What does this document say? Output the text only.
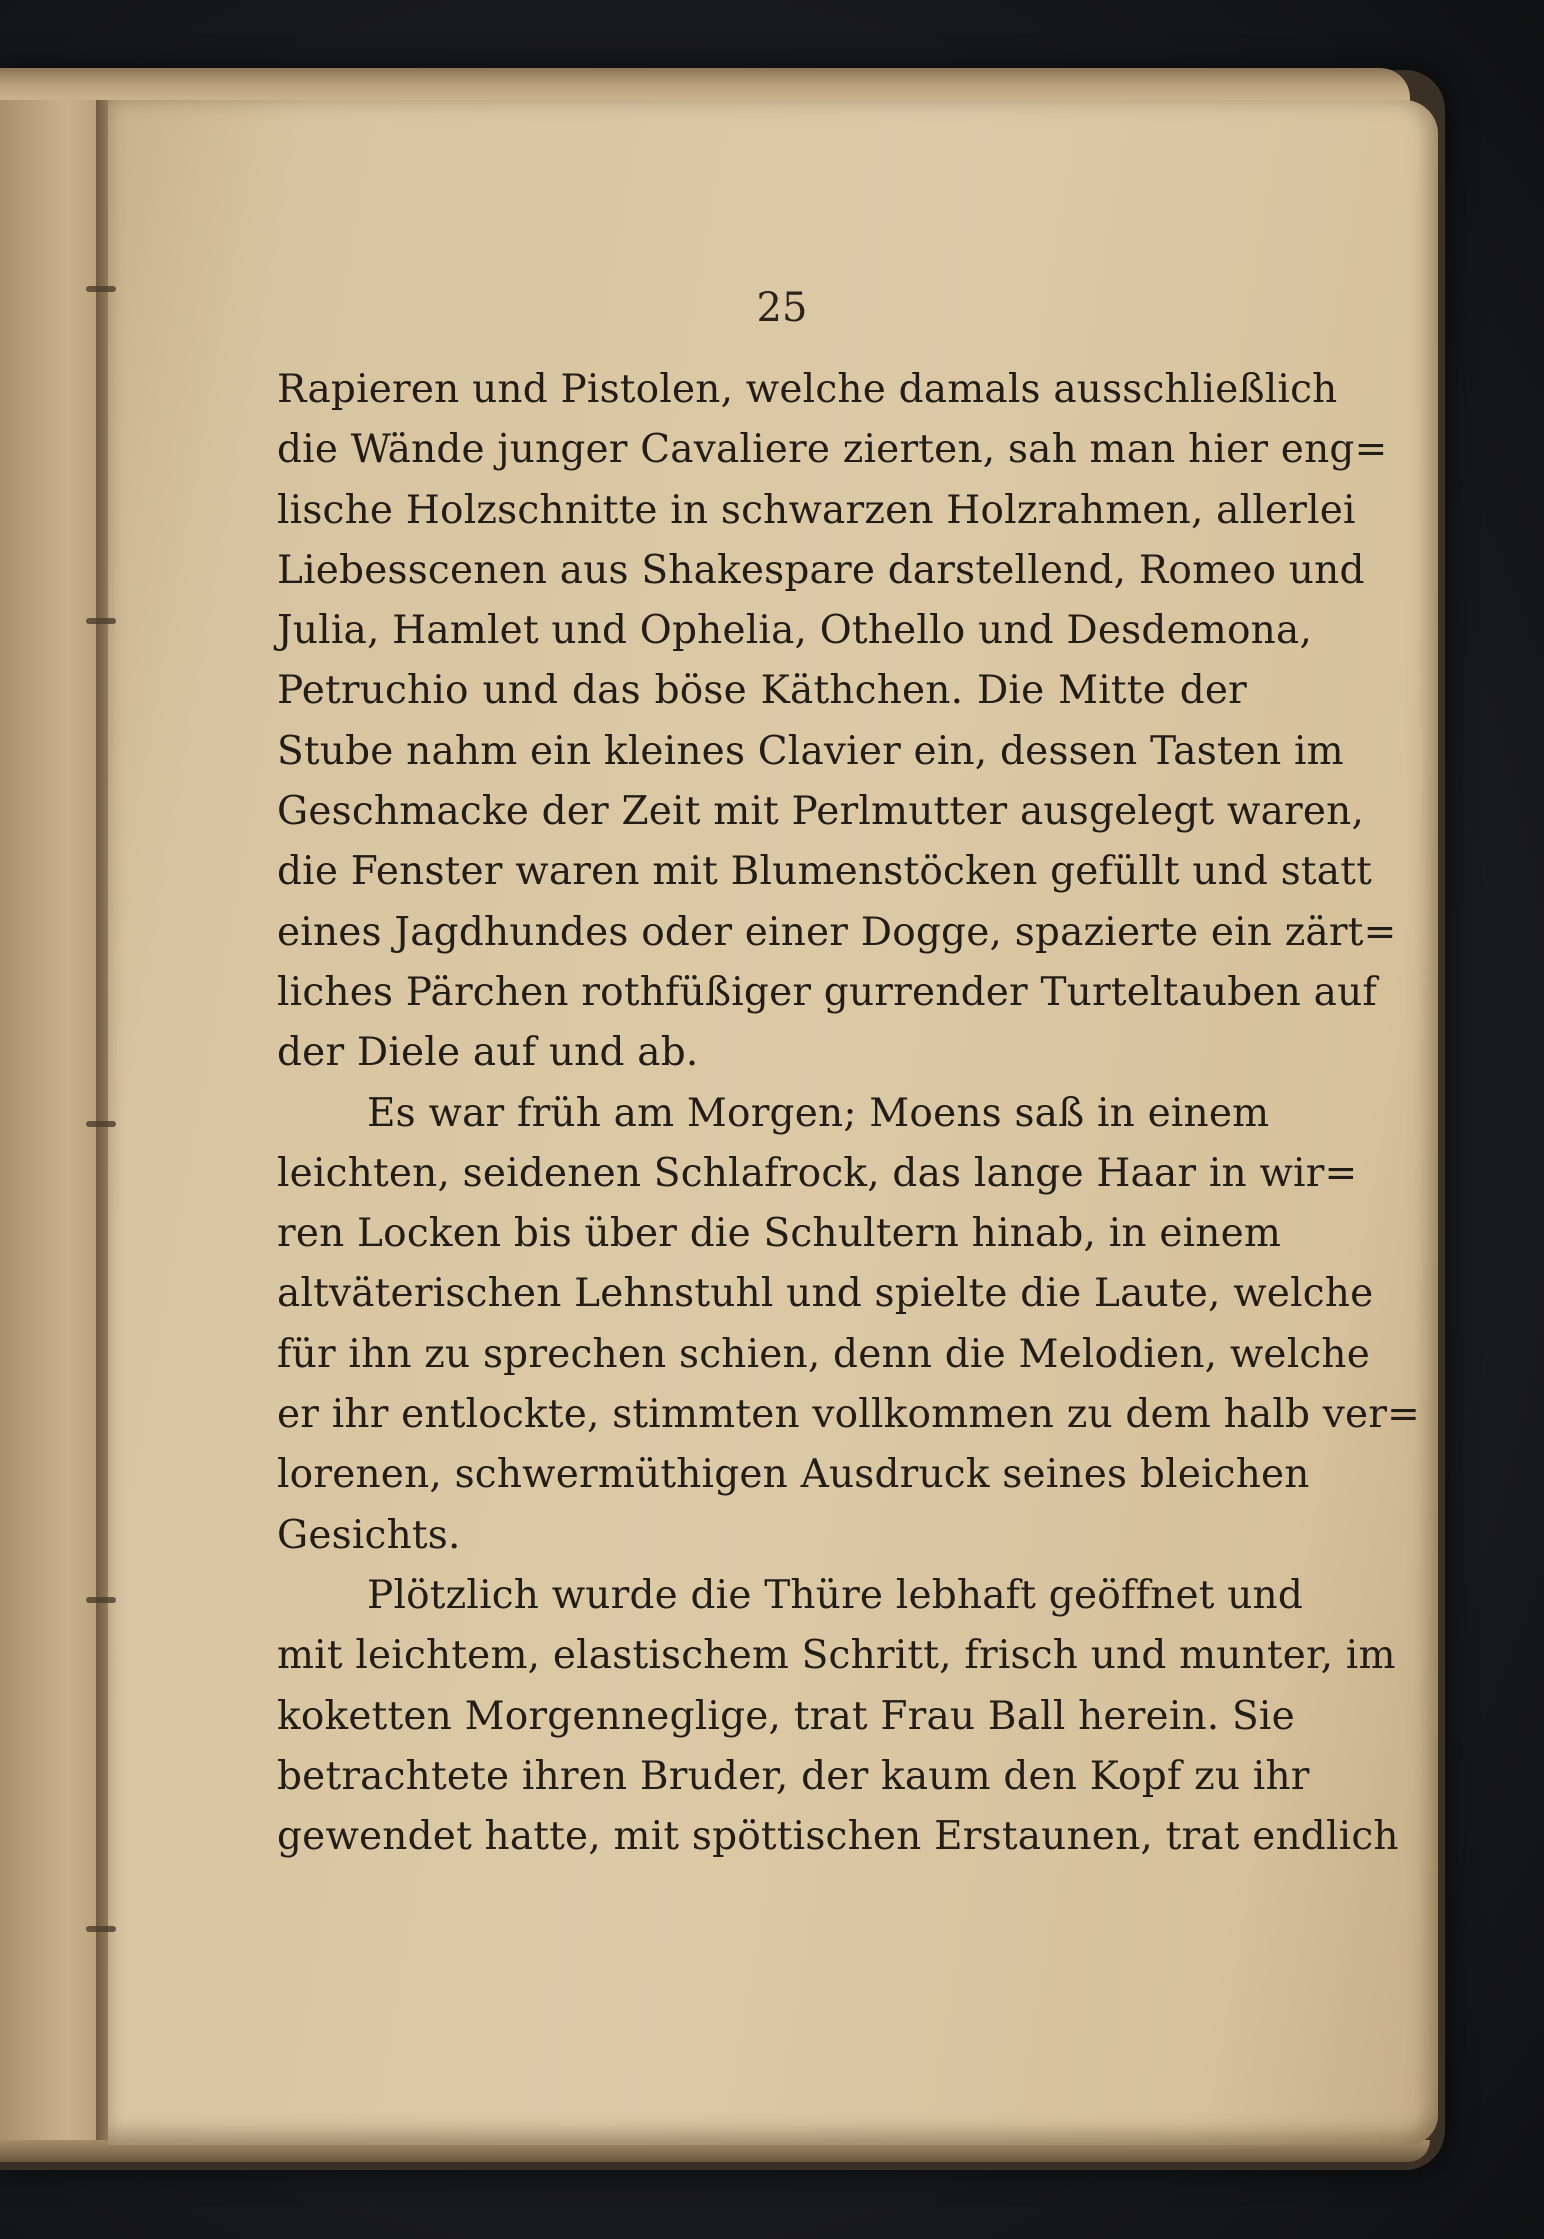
25
Rapieren und Pistolen, welche damals ausschließlich
die Wände junger Cavaliere zierten, sah man hier eng=
lische Holzschnitte in schwarzen Holzrahmen, allerlei
Liebesscenen aus Shakespare darstellend, Romeo und
Julia, Hamlet und Ophelia, Othello und Desdemona,
Petruchio und das böse Käthchen. Die Mitte der
Stube nahm ein kleines Clavier ein, dessen Tasten im
Geschmacke der Zeit mit Perlmutter ausgelegt waren,
die Fenster waren mit Blumenstöcken gefüllt und statt
eines Jagdhundes oder einer Dogge, spazierte ein zärt=
liches Pärchen rothfüßiger gurrender Turteltauben auf
der Diele auf und ab.
Es war früh am Morgen; Moens saß in einem
leichten, seidenen Schlafrock, das lange Haar in wir=
ren Locken bis über die Schultern hinab, in einem
altväterischen Lehnstuhl und spielte die Laute, welche
für ihn zu sprechen schien, denn die Melodien, welche
er ihr entlockte, stimmten vollkommen zu dem halb ver=
lorenen, schwermüthigen Ausdruck seines bleichen
Gesichts.
Plötzlich wurde die Thüre lebhaft geöffnet und
mit leichtem, elastischem Schritt, frisch und munter, im
koketten Morgenneglige, trat Frau Ball herein. Sie
betrachtete ihren Bruder, der kaum den Kopf zu ihr
gewendet hatte, mit spöttischen Erstaunen, trat endlich
